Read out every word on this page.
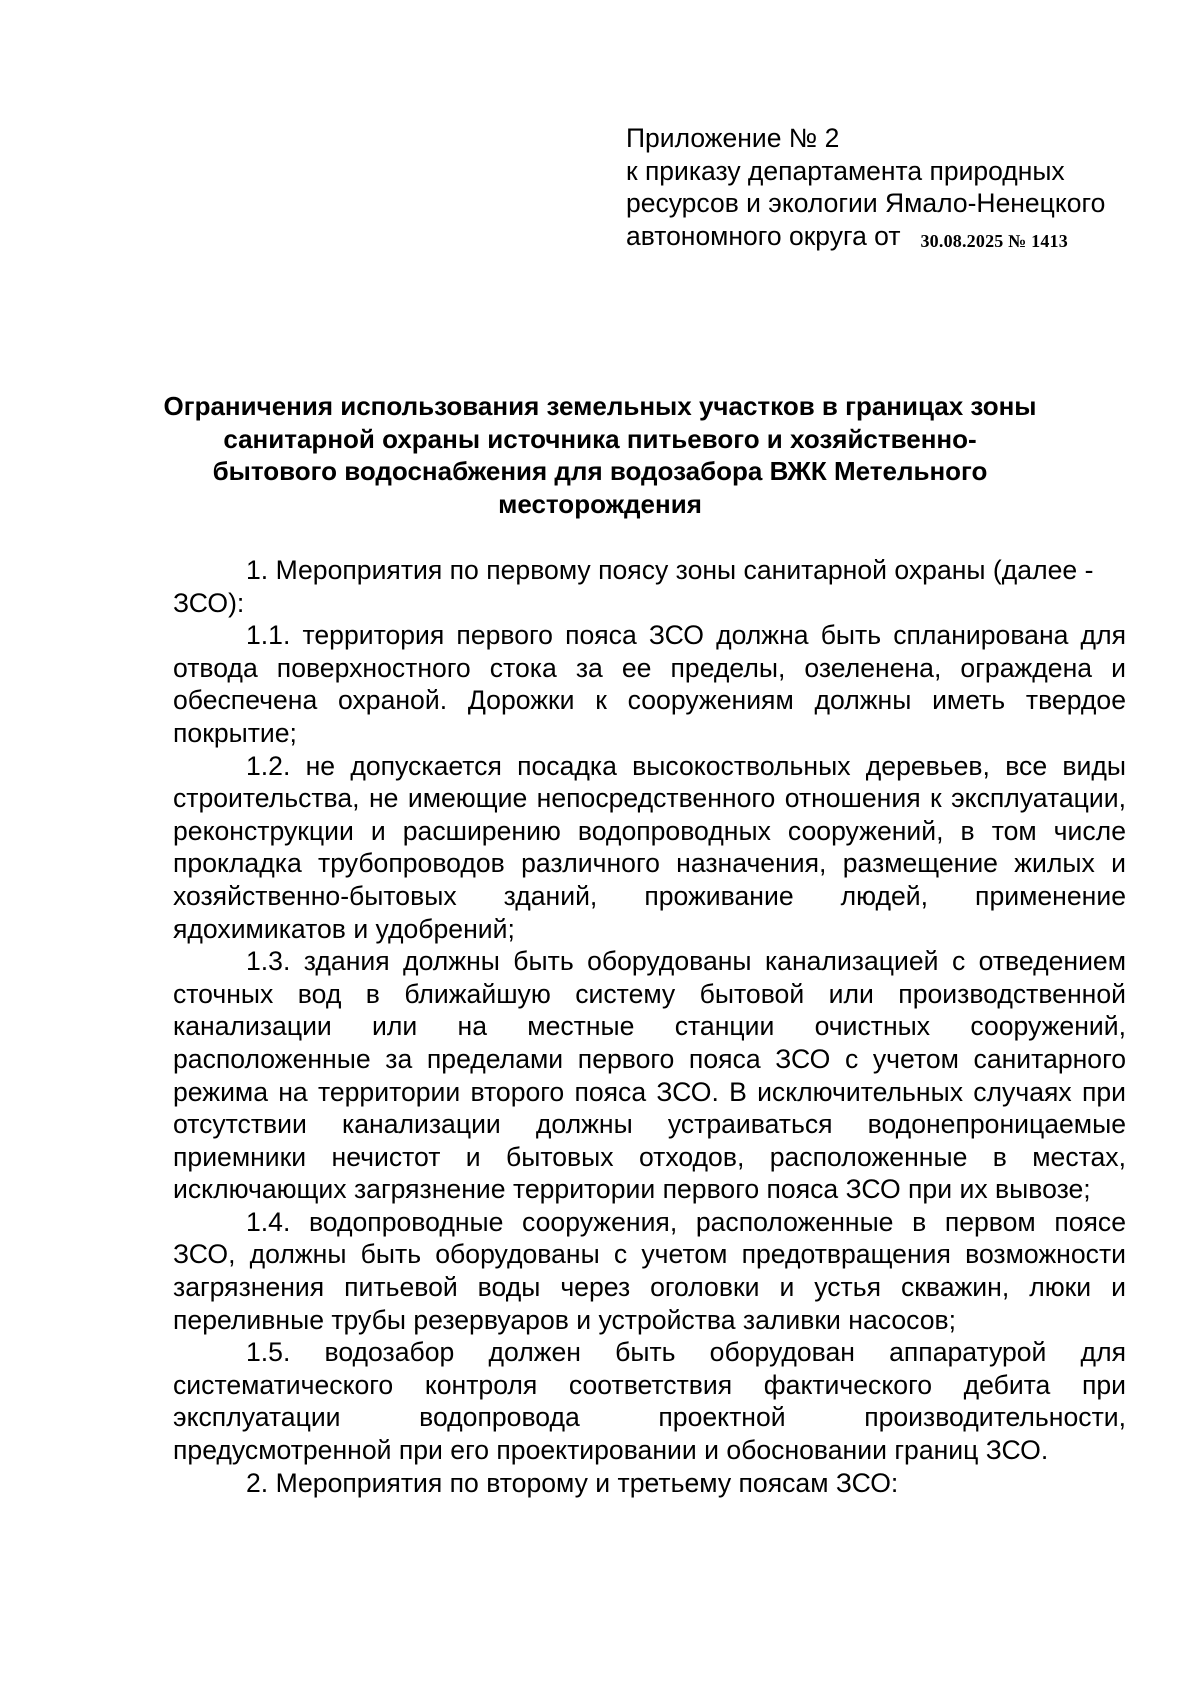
Приложение № 2
к приказу департамента природных
ресурсов и экологии Ямало-Ненецкого
автономного округа от 30.08.2025 № 1413
Ограничения использования земельных участков в границах зоны
санитарной охраны источника питьевого и хозяйственно-
бытового водоснабжения для водозабора ВЖК Метельного
месторождения

1. Мероприятия по первому поясу зоны санитарной охраны (далее - ЗСО):

1.1. территория первого пояса ЗСО должна быть спланирована для отвода поверхностного стока за ее пределы, озеленена, ограждена и обеспечена охраной. Дорожки к сооружениям должны иметь твердое покрытие;

1.2. не допускается посадка высокоствольных деревьев, все виды строительства, не имеющие непосредственного отношения к эксплуатации, реконструкции и расширению водопроводных сооружений, в том числе прокладка трубопроводов различного назначения, размещение жилых и хозяйственно-бытовых зданий, проживание людей, применение ядохимикатов и удобрений;

1.3. здания должны быть оборудованы канализацией с отведением сточных вод в ближайшую систему бытовой или производственной канализации или на местные станции очистных сооружений, расположенные за пределами первого пояса ЗСО с учетом санитарного режима на территории второго пояса ЗСО. В исключительных случаях при отсутствии канализации должны устраиваться водонепроницаемые приемники нечистот и бытовых отходов, расположенные в местах, исключающих загрязнение территории первого пояса ЗСО при их вывозе;

1.4. водопроводные сооружения, расположенные в первом поясе ЗСО, должны быть оборудованы с учетом предотвращения возможности загрязнения питьевой воды через оголовки и устья скважин, люки и переливные трубы резервуаров и устройства заливки насосов;

1.5. водозабор должен быть оборудован аппаратурой для систематического контроля соответствия фактического дебита при эксплуатации водопровода проектной производительности, предусмотренной при его проектировании и обосновании границ ЗСО.

2. Мероприятия по второму и третьему поясам ЗСО:
